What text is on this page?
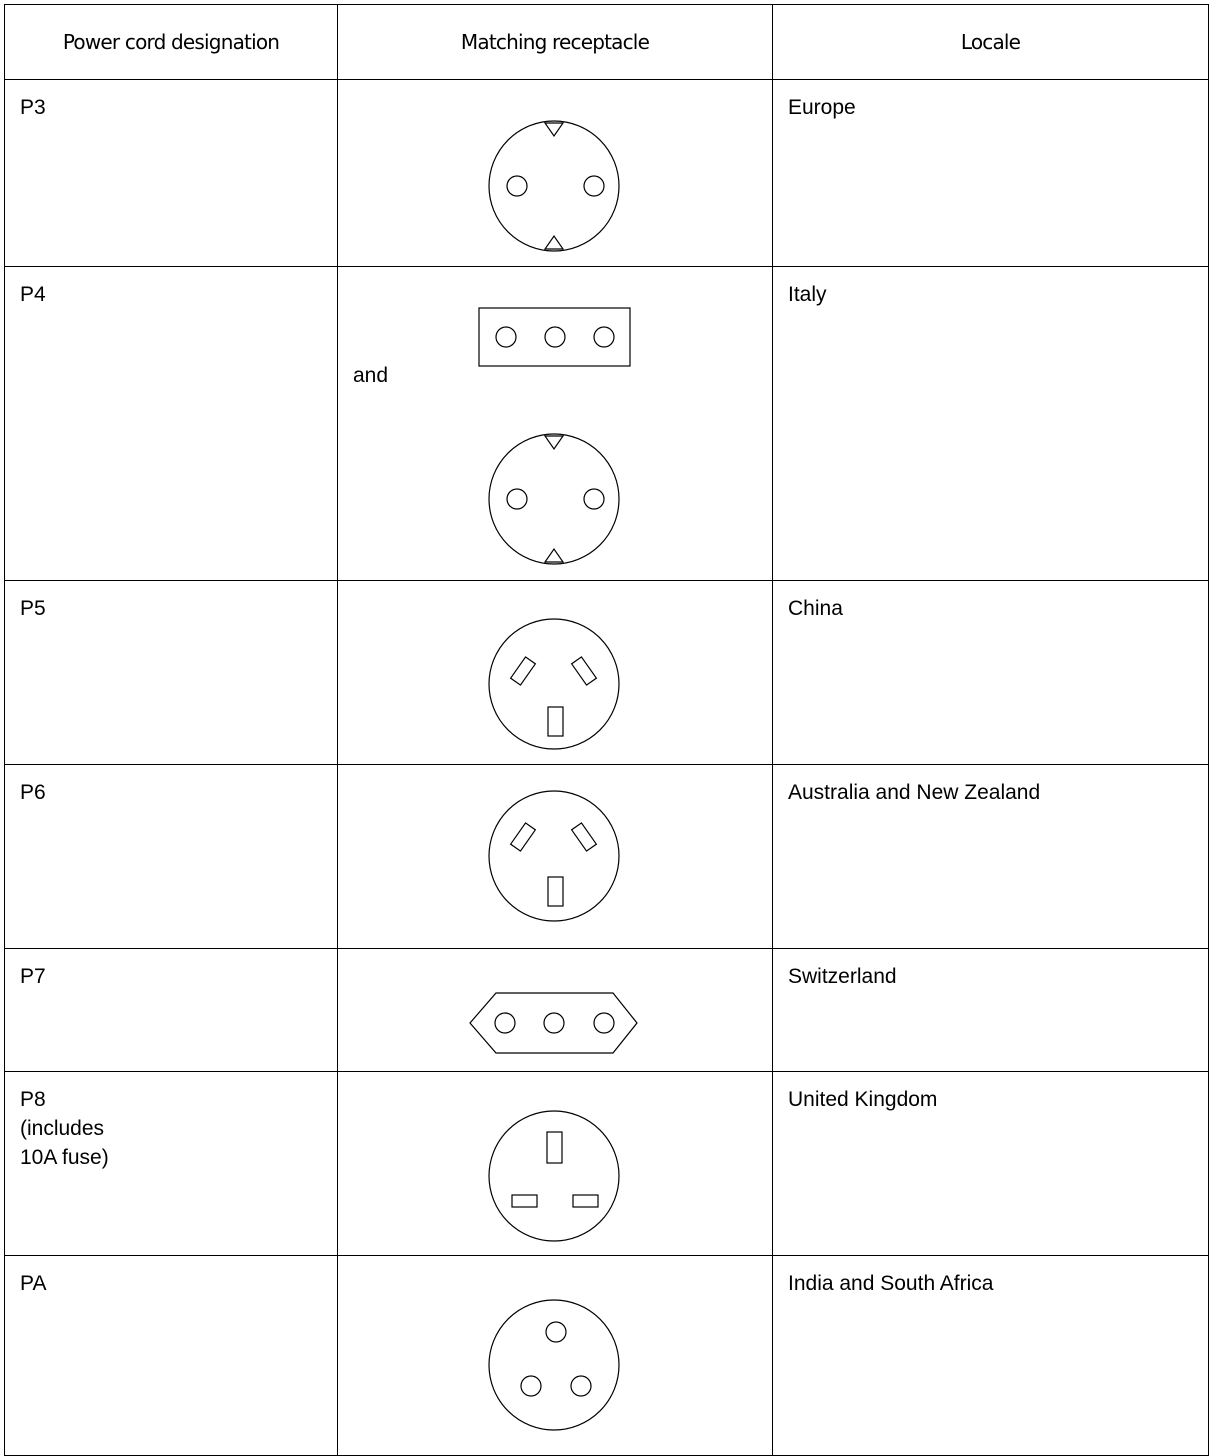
Power cord designation	Matching receptacle	Locale

P3		Europe

P4	and	Italy

P5		China

P6		Australia and New Zealand

P7		Switzerland

P8
(includes
10A fuse)		United Kingdom

PA		India and South Africa
